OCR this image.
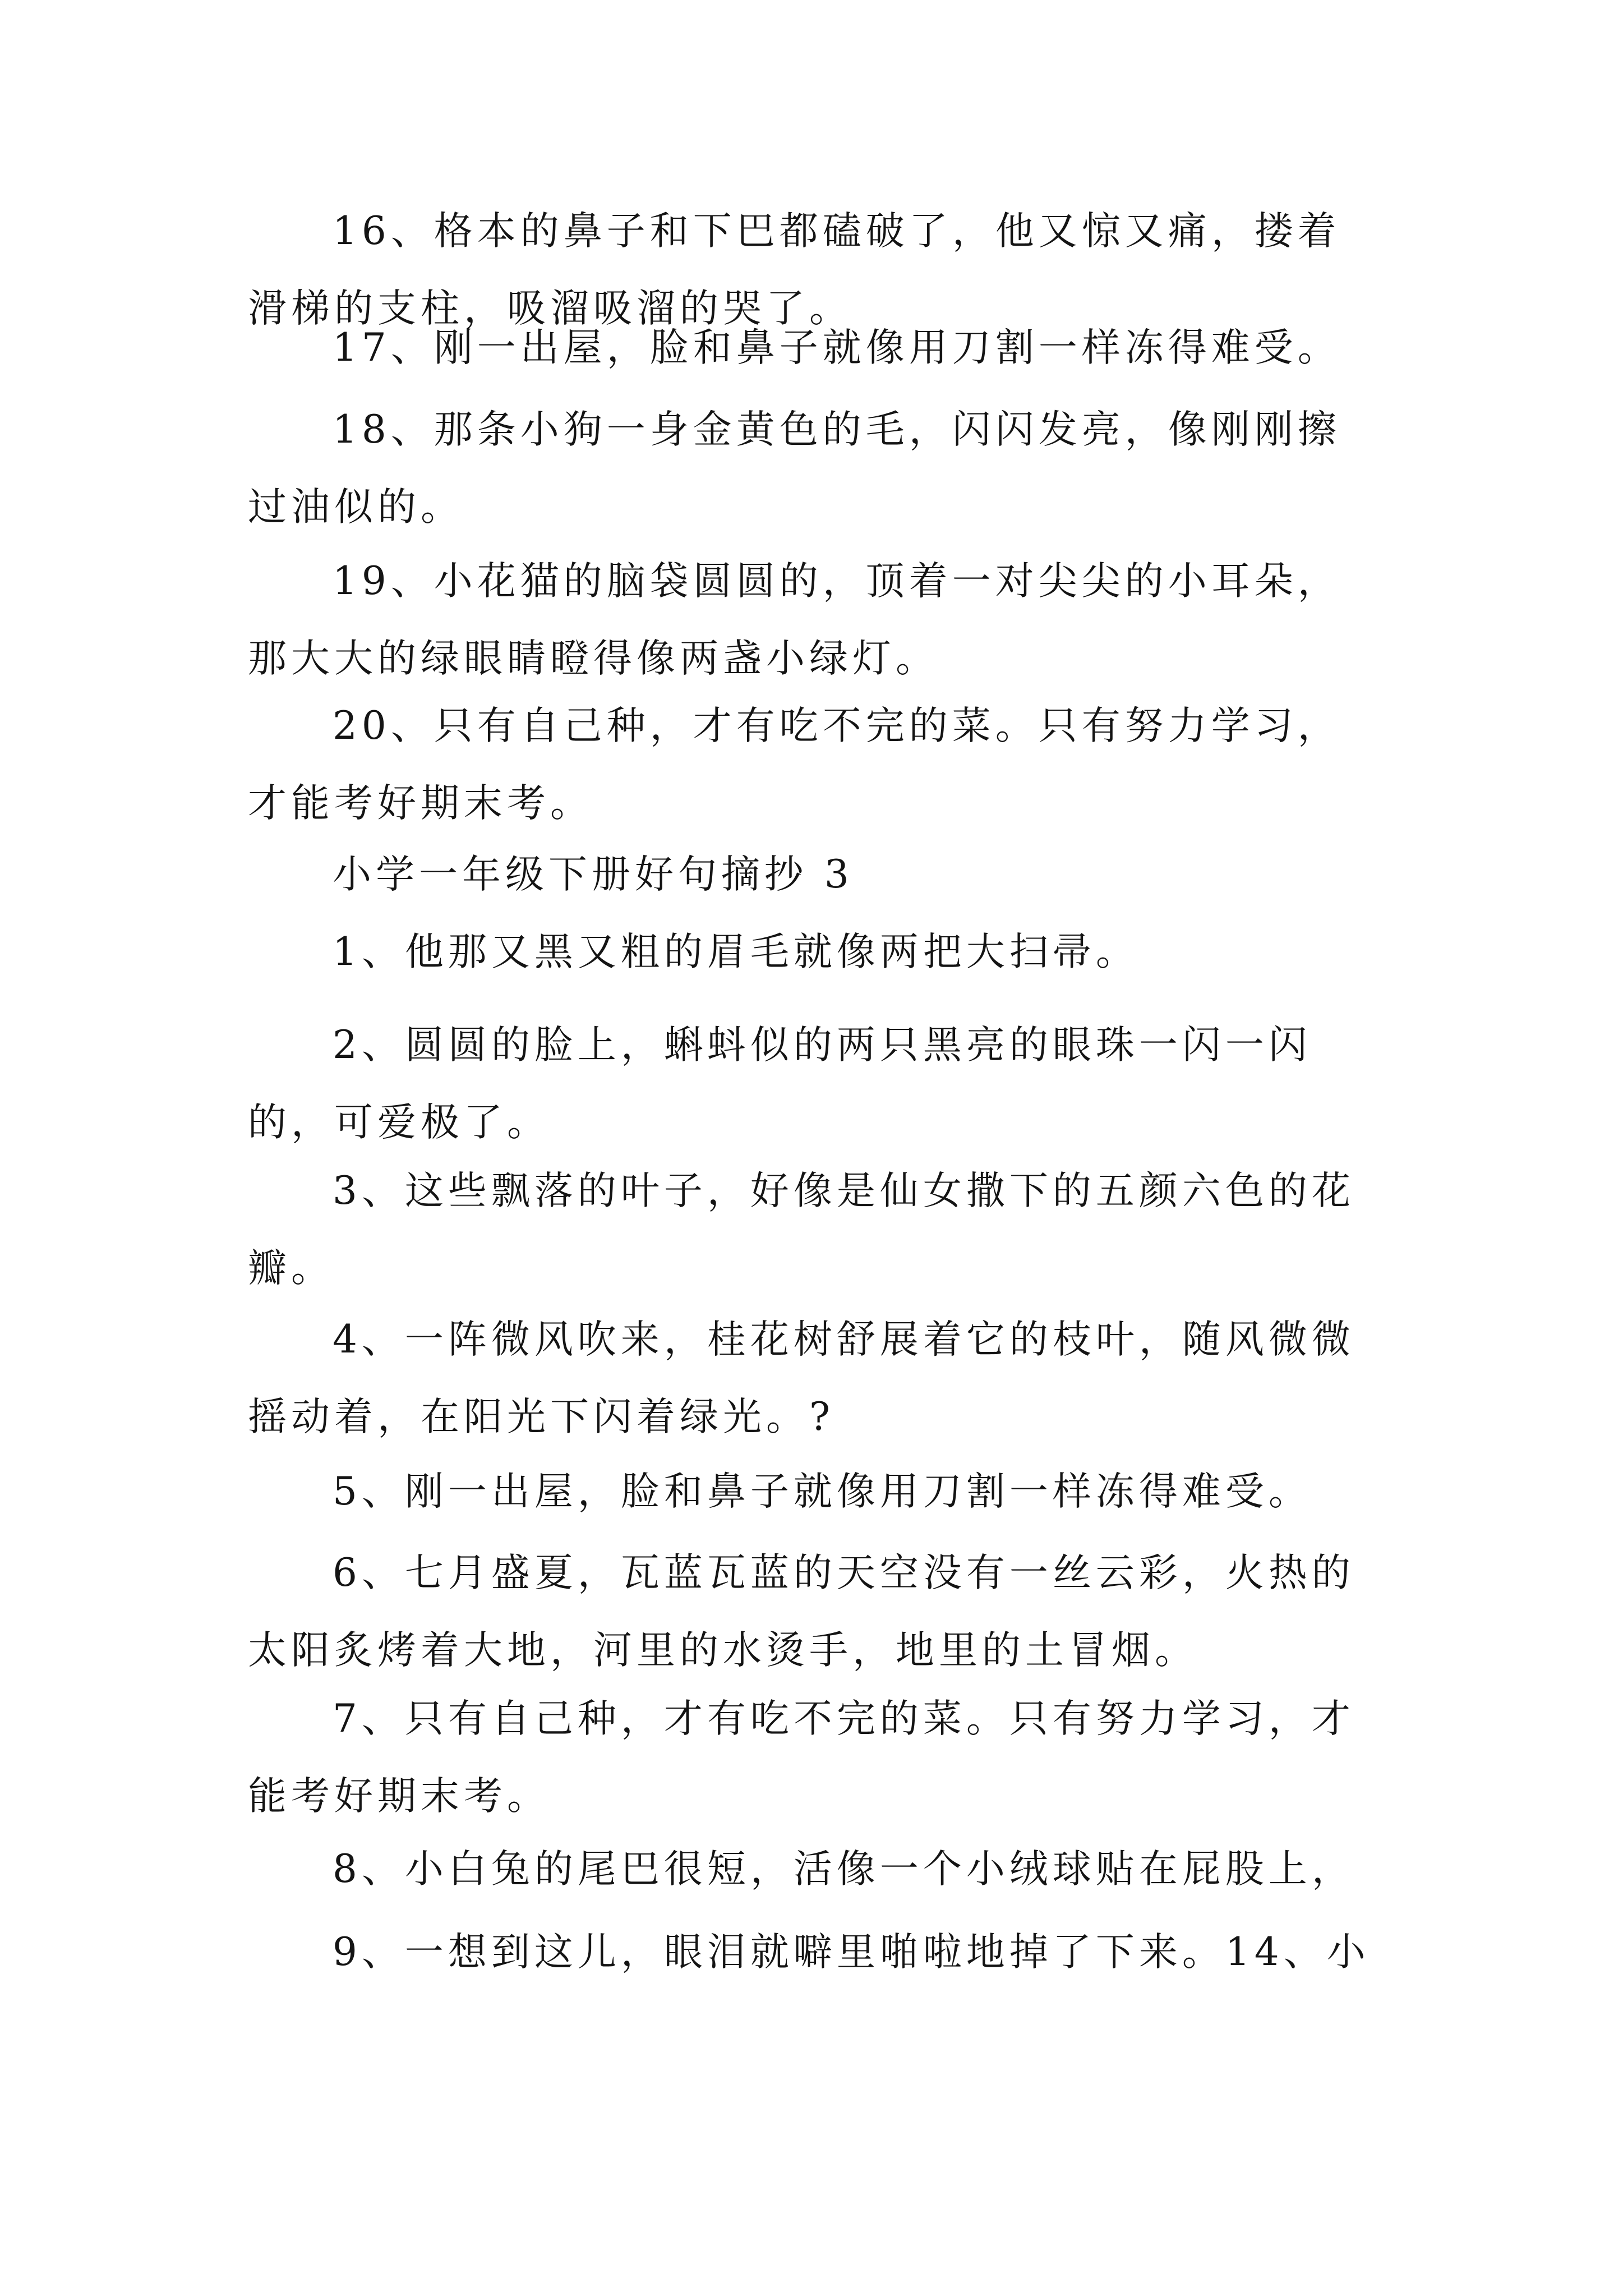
16、格本的鼻子和下巴都磕破了，他又惊又痛，搂着滑梯的支柱，吸溜吸溜的哭了。

17、刚一出屋，脸和鼻子就像用刀割一样冻得难受。

18、那条小狗一身金黄色的毛，闪闪发亮，像刚刚擦过油似的。

19、小花猫的脑袋圆圆的，顶着一对尖尖的小耳朵，那大大的绿眼睛瞪得像两盏小绿灯。

20、只有自己种，才有吃不完的菜。只有努力学习，才能考好期末考。

小学一年级下册好句摘抄 3

1、他那又黑又粗的眉毛就像两把大扫帚。

2、圆圆的脸上，蝌蚪似的两只黑亮的眼珠一闪一闪的，可爱极了。

3、这些飘落的叶子，好像是仙女撒下的五颜六色的花瓣。

4、一阵微风吹来，桂花树舒展着它的枝叶，随风微微摇动着，在阳光下闪着绿光。?

5、刚一出屋，脸和鼻子就像用刀割一样冻得难受。

6、七月盛夏，瓦蓝瓦蓝的天空没有一丝云彩，火热的太阳炙烤着大地，河里的水烫手，地里的土冒烟。

7、只有自己种，才有吃不完的菜。只有努力学习，才能考好期末考。

8、小白兔的尾巴很短，活像一个小绒球贴在屁股上，

9、一想到这儿，眼泪就噼里啪啦地掉了下来。14、小
